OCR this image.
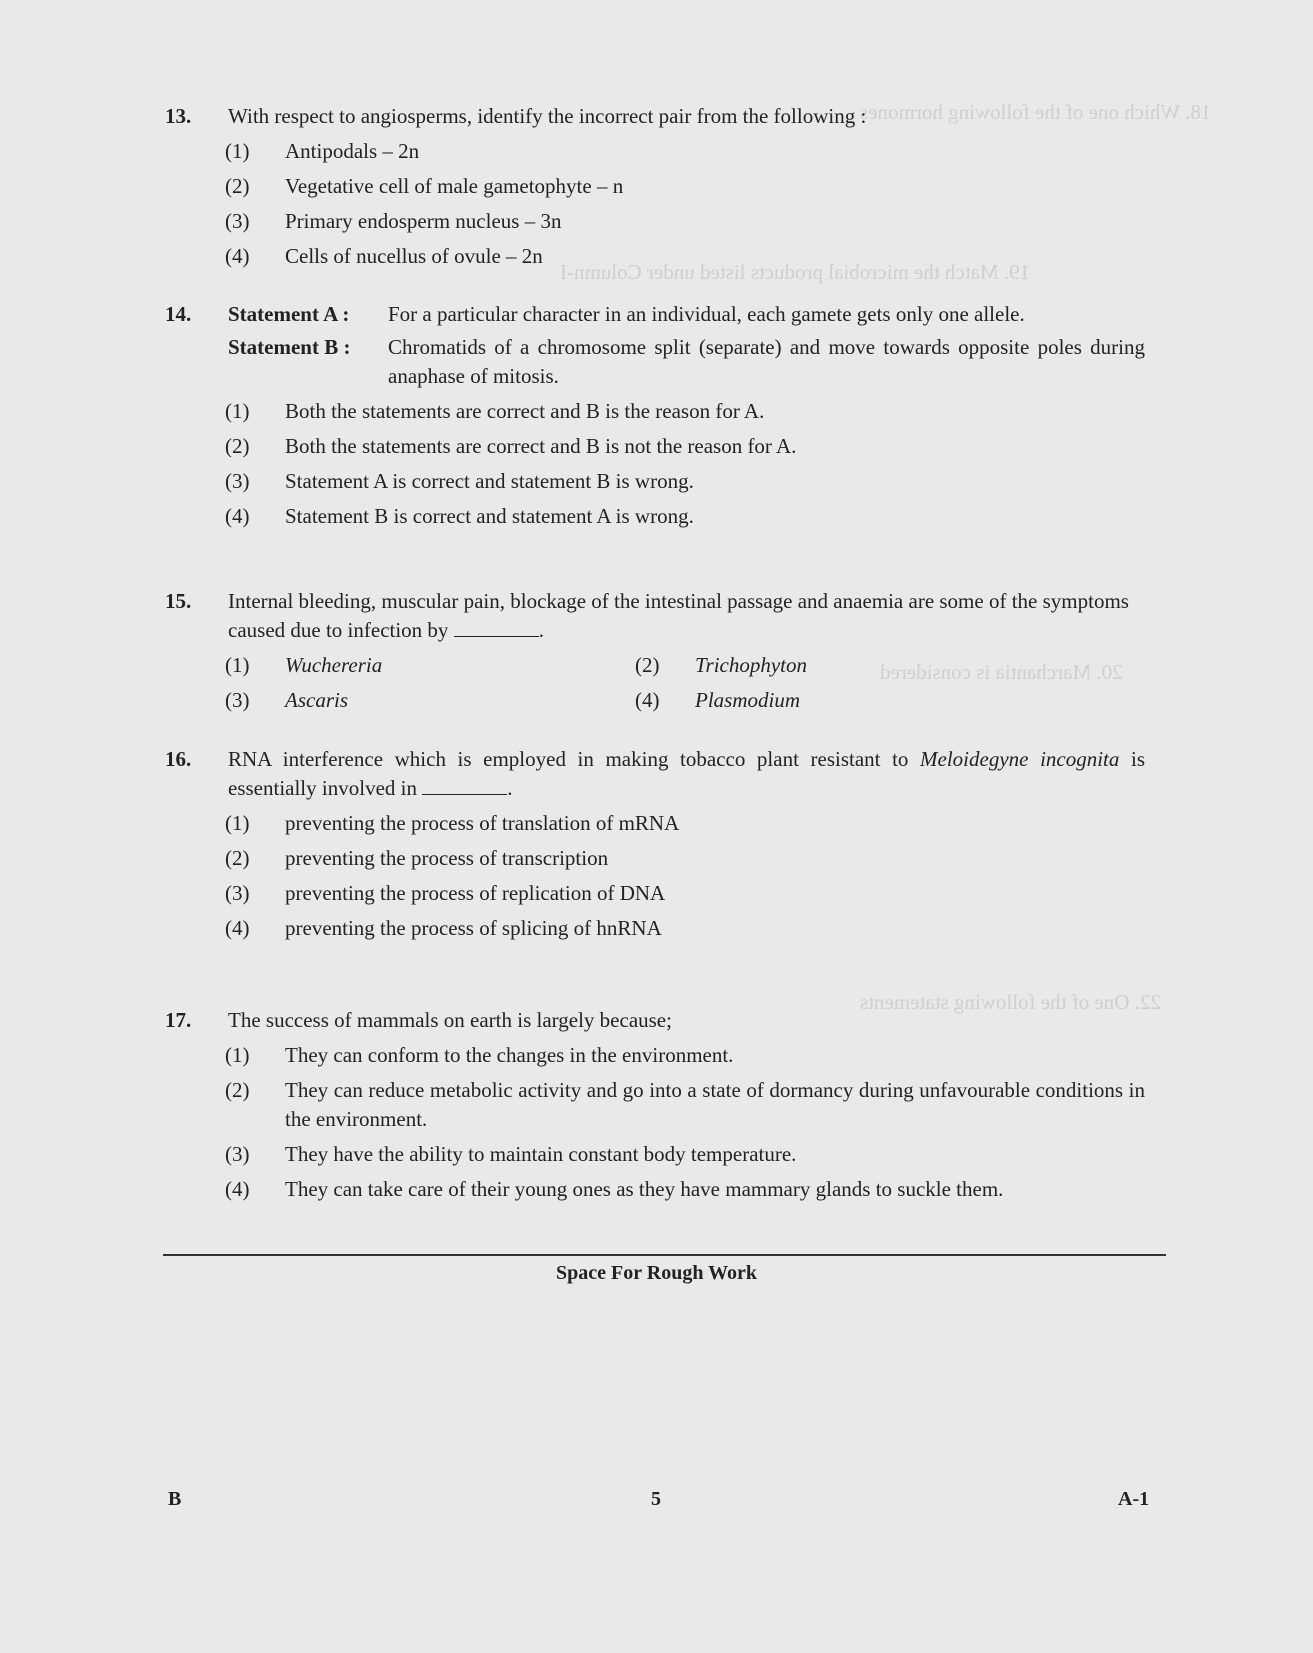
18. Which one of the following hormones
19. Match the microbial products listed under Column-I
20. Marchantia is considered
22. One of the following statements
13. With respect to angiosperms, identify the incorrect pair from the following :
(1) Antipodals – 2n
(2) Vegetative cell of male gametophyte – n
(3) Primary endosperm nucleus – 3n
(4) Cells of nucellus of ovule – 2n
14. Statement A :	For a particular character in an individual, each gamete gets only one allele.
Statement B :	Chromatids of a chromosome split (separate) and move towards opposite poles during anaphase of mitosis.
(1) Both the statements are correct and B is the reason for A.
(2) Both the statements are correct and B is not the reason for A.
(3) Statement A is correct and statement B is wrong.
(4) Statement B is correct and statement A is wrong.
15. Internal bleeding, muscular pain, blockage of the intestinal passage and anaemia are some of the symptoms caused due to infection by	.
(1) Wuchereria	(2) Trichophyton
(3) Ascaris	(4) Plasmodium
16. RNA interference which is employed in making tobacco plant resistant to Meloidegyne incognita is essentially involved in	.
(1) preventing the process of translation of mRNA
(2) preventing the process of transcription
(3) preventing the process of replication of DNA
(4) preventing the process of splicing of hnRNA
17. The success of mammals on earth is largely because;
(1) They can conform to the changes in the environment.
(2) They can reduce metabolic activity and go into a state of dormancy during unfavourable conditions in the environment.
(3) They have the ability to maintain constant body temperature.
(4) They can take care of their young ones as they have mammary glands to suckle them.
Space For Rough Work
B	5	A-1
